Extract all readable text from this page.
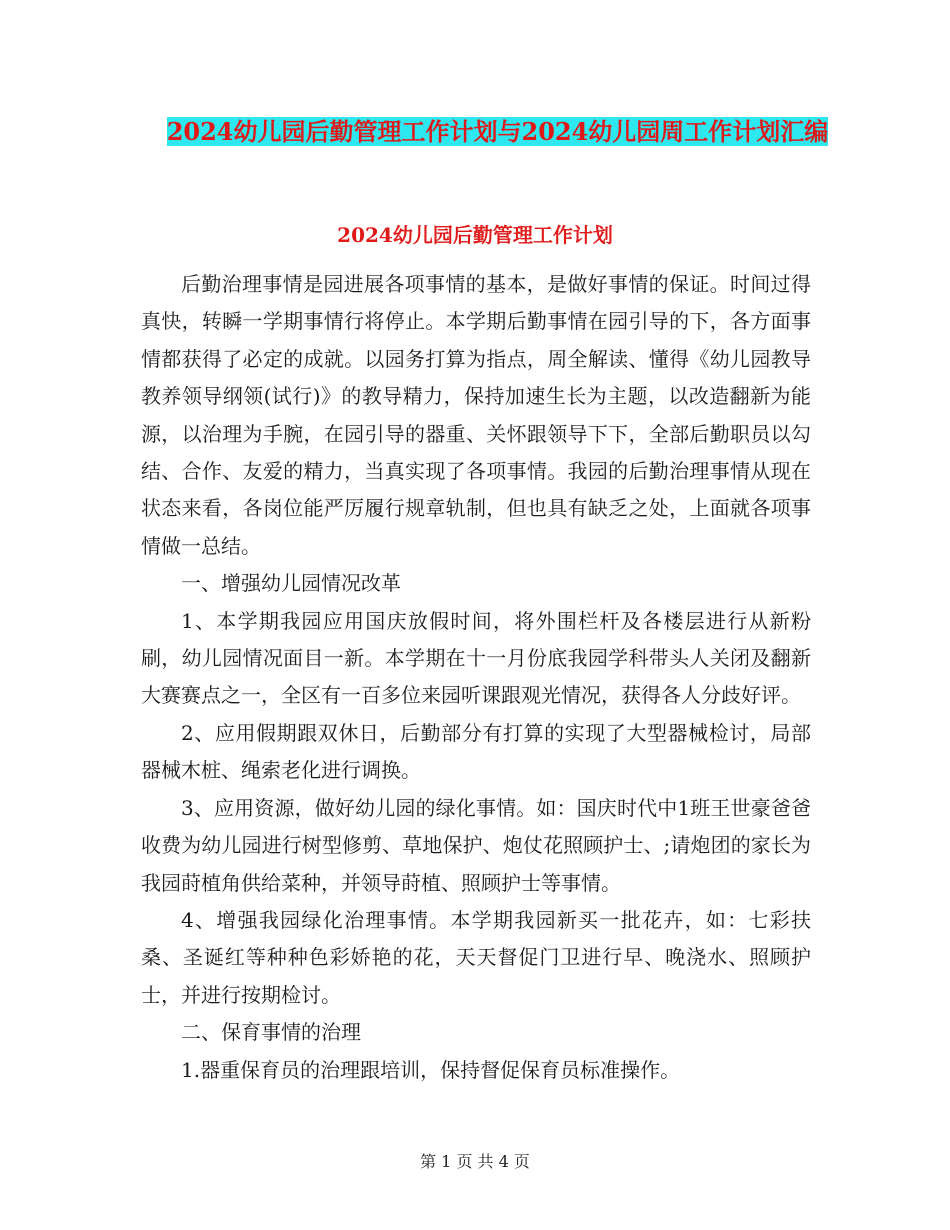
2024幼儿园后勤管理工作计划与2024幼儿园周工作计划汇编
2024幼儿园后勤管理工作计划

后勤治理事情是园进展各项事情的基本，是做好事情的保证。时间过得真快，转瞬一学期事情行将停止。本学期后勤事情在园引导的下，各方面事情都获得了必定的成就。以园务打算为指点，周全解读、懂得《幼儿园教导教养领导纲领(试行)》的教导精力，保持加速生长为主题，以改造翻新为能源，以治理为手腕，在园引导的器重、关怀跟领导下下，全部后勤职员以勾结、合作、友爱的精力，当真实现了各项事情。我园的后勤治理事情从现在状态来看，各岗位能严厉履行规章轨制，但也具有缺乏之处，上面就各项事情做一总结。

一、增强幼儿园情况改革

1、本学期我园应用国庆放假时间，将外围栏杆及各楼层进行从新粉刷，幼儿园情况面目一新。本学期在十一月份底我园学科带头人关闭及翻新大赛赛点之一，全区有一百多位来园听课跟观光情况，获得各人分歧好评。

2、应用假期跟双休日，后勤部分有打算的实现了大型器械检讨，局部器械木桩、绳索老化进行调换。

3、应用资源，做好幼儿园的绿化事情。如：国庆时代中1班王世豪爸爸收费为幼儿园进行树型修剪、草地保护、炮仗花照顾护士、;请炮团的家长为我园莳植角供给菜种，并领导莳植、照顾护士等事情。

4、增强我园绿化治理事情。本学期我园新买一批花卉，如：七彩扶桑、圣诞红等种种色彩娇艳的花，天天督促门卫进行早、晚浇水、照顾护士，并进行按期检讨。

二、保育事情的治理

1.器重保育员的治理跟培训，保持督促保育员标准操作。

第 1 页 共 4 页
